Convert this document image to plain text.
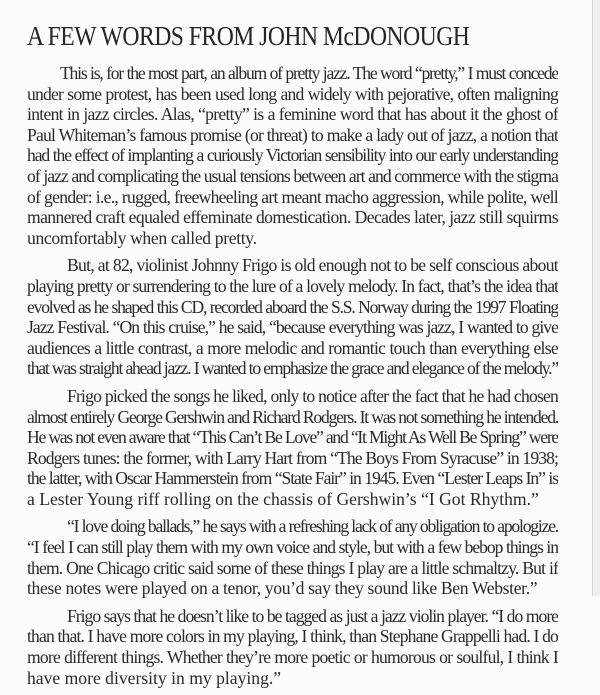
A FEW WORDS FROM JOHN McDONOUGH
This is, for the most part, an album of pretty jazz. The word “pretty,” I must concede
under some protest, has been used long and widely with pejorative, often maligning
intent in jazz circles. Alas, “pretty” is a feminine word that has about it the ghost of
Paul Whiteman’s famous promise (or threat) to make a lady out of jazz, a notion that
had the effect of implanting a curiously Victorian sensibility into our early understanding
of jazz and complicating the usual tensions between art and commerce with the stigma
of gender: i.e., rugged, freewheeling art meant macho aggression, while polite, well
mannered craft equaled effeminate domestication. Decades later, jazz still squirms
uncomfortably when called pretty.
But, at 82, violinist Johnny Frigo is old enough not to be self conscious about
playing pretty or surrendering to the lure of a lovely melody. In fact, that’s the idea that
evolved as he shaped this CD, recorded aboard the S.S. Norway during the 1997 Floating
Jazz Festival. “On this cruise,” he said, “because everything was jazz, I wanted to give
audiences a little contrast, a more melodic and romantic touch than everything else
that was straight ahead jazz. I wanted to emphasize the grace and elegance of the melody.”
Frigo picked the songs he liked, only to notice after the fact that he had chosen
almost entirely George Gershwin and Richard Rodgers. It was not something he intended.
He was not even aware that “This Can’t Be Love” and “It Might As Well Be Spring” were
Rodgers tunes: the former, with Larry Hart from “The Boys From Syracuse” in 1938;
the latter, with Oscar Hammerstein from “State Fair” in 1945. Even “Lester Leaps In” is
a Lester Young riff rolling on the chassis of Gershwin’s “I Got Rhythm.”
“I love doing ballads,” he says with a refreshing lack of any obligation to apologize.
“I feel I can still play them with my own voice and style, but with a few bebop things in
them. One Chicago critic said some of these things I play are a little schmaltzy. But if
these notes were played on a tenor, you’d say they sound like Ben Webster.”
Frigo says that he doesn’t like to be tagged as just a jazz violin player. “I do more
than that. I have more colors in my playing, I think, than Stephane Grappelli had. I do
more different things. Whether they’re more poetic or humorous or soulful, I think I
have more diversity in my playing.”
